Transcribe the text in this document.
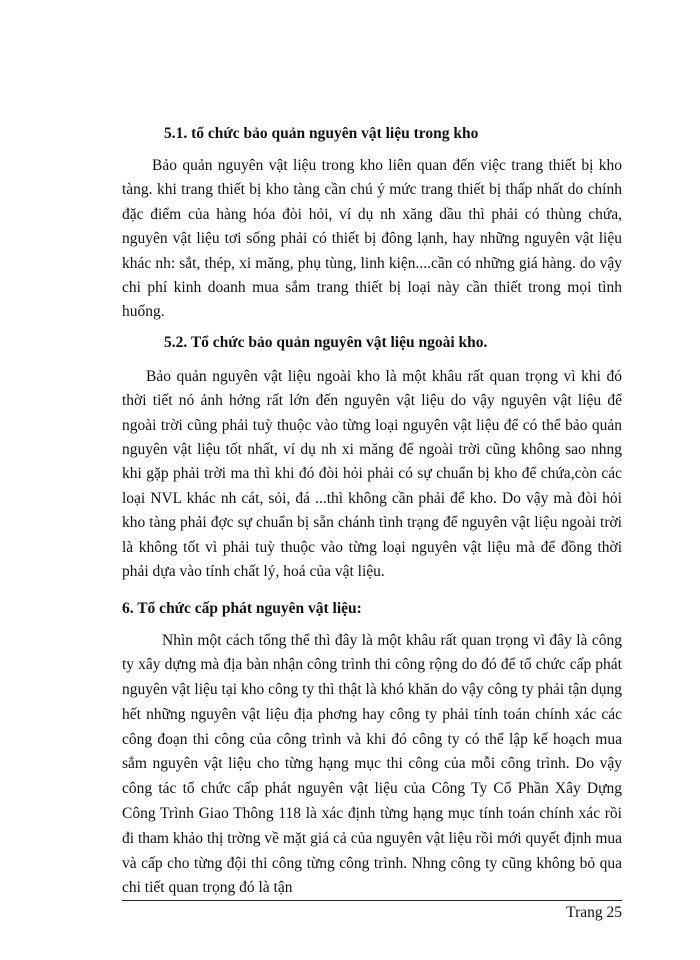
5.1. tổ chức bảo quản nguyên vật liệu trong kho

Bảo quản nguyên vật liệu trong kho liên quan đến việc trang thiết bị kho tàng. khi trang thiết bị kho tàng cần chú ý mức trang thiết bị thấp nhất do chính đặc điểm của hàng hóa đòi hỏi, ví dụ nh xăng dầu thì phải có thùng chứa, nguyên vật liệu tơi sống phải có thiết bị đông lạnh, hay những nguyên vật liệu khác nh: sắt, thép, xi măng, phụ tùng, linh kiện....cần có những giá hàng. do vậy chi phí kinh doanh mua sắm trang thiết bị loại này cần thiết trong mọi tình huống.

5.2. Tổ chức bảo quản nguyên vật liệu ngoài kho.

Bảo quản nguyên vật liệu ngoài kho là một khâu rất quan trọng vì khi đó thời tiết nó ảnh hởng rất lớn đến nguyên vật liệu do vậy nguyên vật liệu để ngoài trời cũng phải tuỳ thuộc vào từng loại nguyên vật liệu để có thể bảo quản nguyên vật liệu tốt nhất, ví dụ nh xi măng để ngoài trời cũng không sao nhng khi gặp phải trời ma thì khi đó đòi hỏi phải có sự chuẩn bị kho để chứa,còn các loại NVL khác nh cát, sỏi, đá ...thì không cần phải để kho. Do vậy mà đòi hỏi kho tàng phải đợc sự chuẩn bị sẵn chánh tình trạng để nguyên vật liệu ngoài trời là không tốt vì phải tuỳ thuộc vào từng loại nguyên vật liệu mà để đồng thời phải dựa vào tính chất lý, hoá của vật liệu.

6. Tổ chức cấp phát nguyên vật liệu:

Nhìn một cách tổng thể thì đây là một khâu rất quan trọng vì đây là công ty xây dựng mà địa bàn nhận công trình thi công rộng do đó để tổ chức cấp phát nguyên vật liệu tại kho công ty thì thật là khó khăn do vậy công ty phải tận dụng hết những nguyên vật liệu địa phơng hay công ty phải tính toán chính xác các công đoạn thi công của công trình và khi đó công ty có thể lập kế hoạch mua sắm nguyên vật liệu cho từng hạng mục thi công của mỗi công trình. Do vậy công tác tổ chức cấp phát nguyên vật liệu của Công Ty Cổ Phần Xây Dựng Công Trình Giao Thông 118 là xác định từng hạng mục tính toán chính xác rồi đi tham khảo thị trờng về mặt giá cả của nguyên vật liệu rồi mới quyết định mua và cấp cho từng đội thi công từng công trình. Nhng công ty cũng không bỏ qua chi tiết quan trọng đó là tận

Trang 25
